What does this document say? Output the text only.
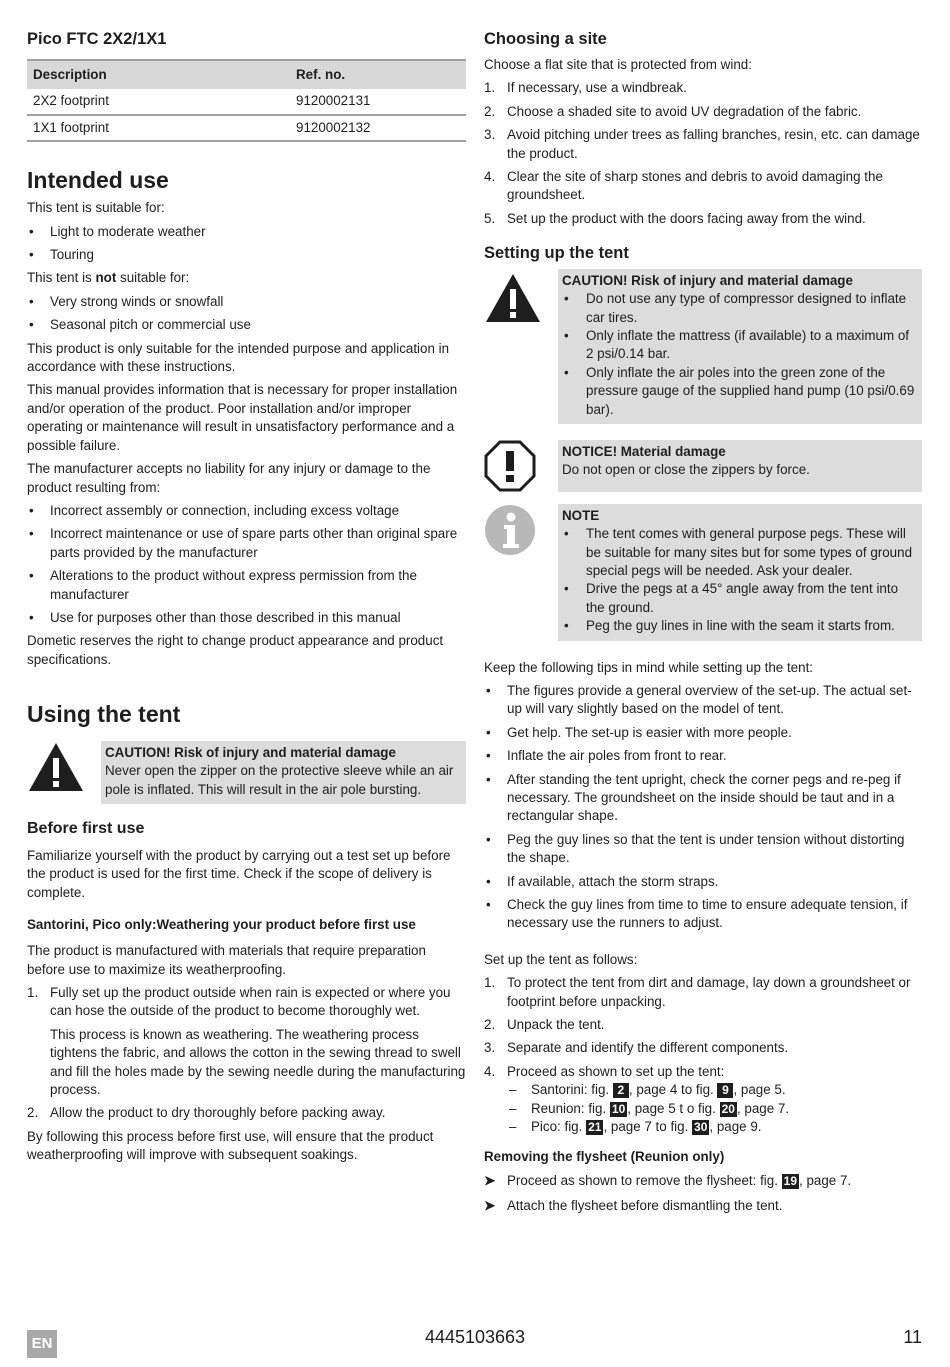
Pico FTC 2X2/1X1
Description	Ref. no.
2X2 footprint	9120002131
1X1 footprint	9120002132
Intended use

This tent is suitable for:

• Light to moderate weather
• Touring

This tent is not suitable for:

• Very strong winds or snowfall
• Seasonal pitch or commercial use

This product is only suitable for the intended purpose and application in accordance with these instructions.

This manual provides information that is necessary for proper installation and/or operation of the product. Poor installation and/or improper operating or maintenance will result in unsatisfactory performance and a possible failure.

The manufacturer accepts no liability for any injury or damage to the product resulting from:

• Incorrect assembly or connection, including excess voltage
• Incorrect maintenance or use of spare parts other than original spare parts provided by the manufacturer
• Alterations to the product without express permission from the manufacturer
• Use for purposes other than those described in this manual

Dometic reserves the right to change product appearance and product specifications.

Using the tent
CAUTION! Risk of injury and material damage

Never open the zipper on the protective sleeve while an air pole is inflated. This will result in the air pole bursting.

Before first use

Familiarize yourself with the product by carrying out a test set up before the product is used for the first time. Check if the scope of delivery is complete.

Santorini, Pico only:Weathering your product before first use

The product is manufactured with materials that require preparation before use to maximize its weatherproofing.

1. Fully set up the product outside when rain is expected or where you can hose the outside of the product to become thoroughly wet.

This process is known as weathering. The weathering process tightens the fabric, and allows the cotton in the sewing thread to swell and fill the holes made by the sewing needle during the manufacturing process.

2. Allow the product to dry thoroughly before packing away.

By following this process before first use, will ensure that the product weatherproofing will improve with subsequent soakings.

Choosing a site

Choose a flat site that is protected from wind:

1. If necessary, use a windbreak.
2. Choose a shaded site to avoid UV degradation of the fabric.
3. Avoid pitching under trees as falling branches, resin, etc. can damage the product.
4. Clear the site of sharp stones and debris to avoid damaging the groundsheet.
5. Set up the product with the doors facing away from the wind.
Setting up the tent
CAUTION! Risk of injury and material damage
• Do not use any type of compressor designed to inflate car tires.
• Only inflate the mattress (if available) to a maximum of 2 psi/0.14 bar.
• Only inflate the air poles into the green zone of the pressure gauge of the supplied hand pump (10 psi/0.69 bar).
NOTICE! Material damage

Do not open or close the zippers by force.

NOTE
• The tent comes with general purpose pegs. These will be suitable for many sites but for some types of ground special pegs will be needed. Ask your dealer.
• Drive the pegs at a 45° angle away from the tent into the ground.
• Peg the guy lines in line with the seam it starts from.

Keep the following tips in mind while setting up the tent:

• The figures provide a general overview of the set-up. The actual set-up will vary slightly based on the model of tent.
• Get help. The set-up is easier with more people.
• Inflate the air poles from front to rear.
• After standing the tent upright, check the corner pegs and re-peg if necessary. The groundsheet on the inside should be taut and in a rectangular shape.
• Peg the guy lines so that the tent is under tension without distorting the shape.
• If available, attach the storm straps.
• Check the guy lines from time to time to ensure adequate tension, if necessary use the runners to adjust.

Set up the tent as follows:

1. To protect the tent from dirt and damage, lay down a groundsheet or footprint before unpacking.
2. Unpack the tent.
3. Separate and identify the different components.
4. Proceed as shown to set up the tent:
– Santorini: fig. 2 , page 4 to fig. 9 , page 5.
– Reunion: fig. 10 , page 5 t o fig. 20 , page 7.
– Pico: fig. 21 , page 7 to fig. 30 , page 9.
Removing the flysheet (Reunion only)
➤ Proceed as shown to remove the flysheet: fig. 19 , page 7.
➤ Attach the flysheet before dismantling the tent.
EN	4445103663	11
